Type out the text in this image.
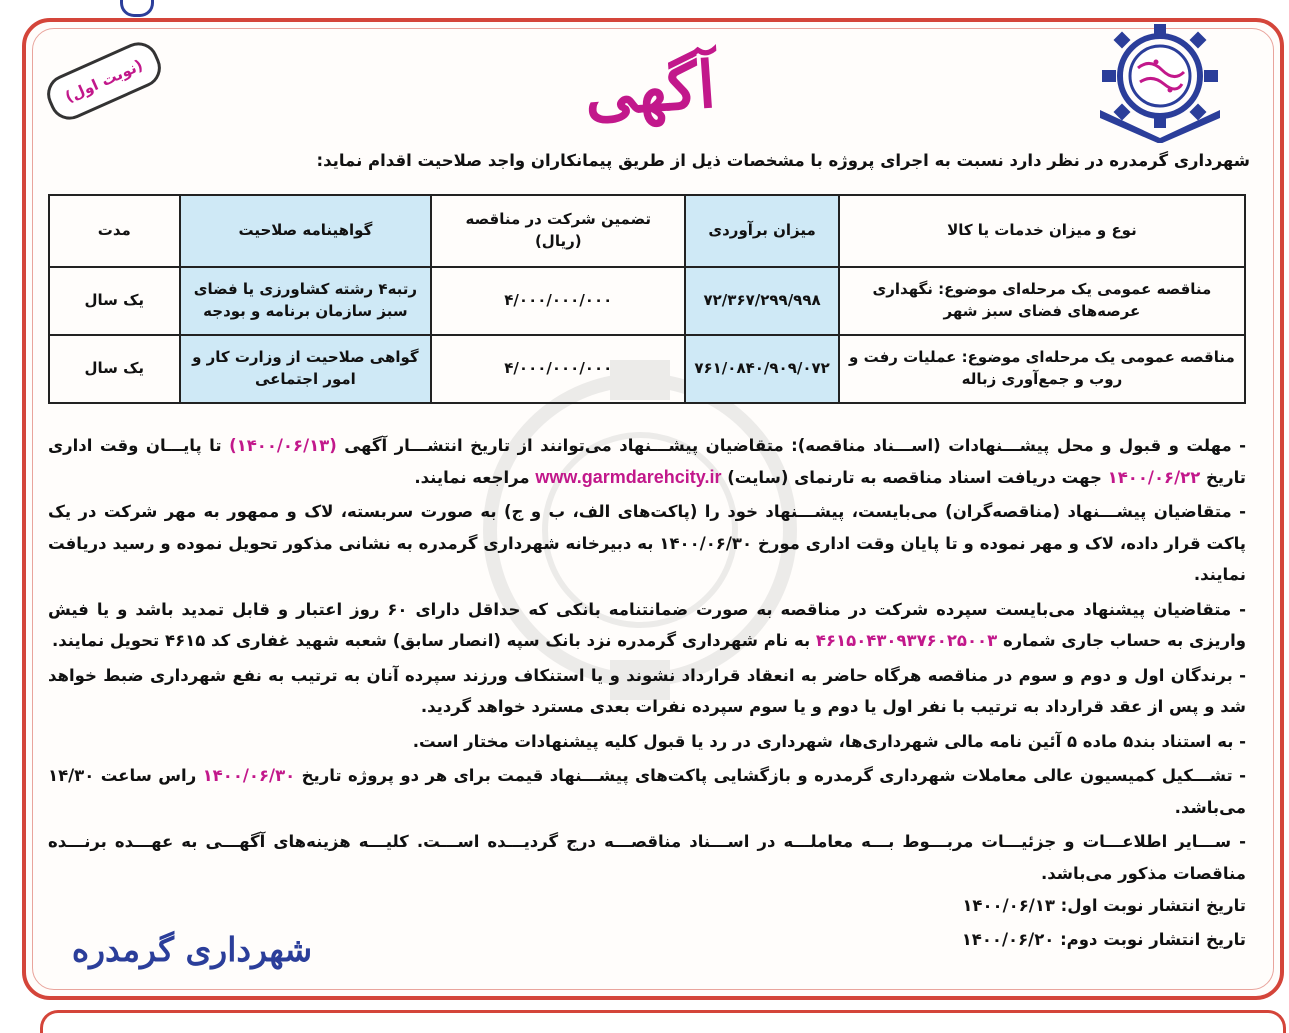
(نوبت اول)	آگهی
شهرداری گرمدره در نظر دارد نسبت به اجرای پروژه با مشخصات ذیل از طریق پیمانکاران واجد صلاحیت اقدام نماید:
نوع و میزان خدمات یا کالا	میزان برآوردی	تضمین شرکت در مناقصه (ریال)	گواهینامه صلاحیت	مدت
مناقصه عمومی یک مرحله‌ای موضوع: نگهداری عرصه‌های فضای سبز شهر	۷۲/۳۶۷/۲۹۹/۹۹۸	۴/۰۰۰/۰۰۰/۰۰۰	رتبه۴ رشته کشاورزی یا فضای سبز سازمان برنامه و بودجه	یک سال
مناقصه عمومی یک مرحله‌ای موضوع: عملیات رفت و روب و جمع‌آوری زباله	۷۶۱/۰۸۴۰/۹۰۹/۰۷۲	۴/۰۰۰/۰۰۰/۰۰۰	گواهی صلاحیت از وزارت کار و امور اجتماعی	یک سال

- مهلت و قبول و محل پیشـــنهادات (اســـناد مناقصه): متقاضیان پیشـــنهاد می‌توانند از تاریخ انتشـــار آگهی (۱۴۰۰/۰۶/۱۳) تا پایـــان وقت اداری تاریخ ۱۴۰۰/۰۶/۲۲ جهت دریافت اسناد مناقصه به تارنمای (سایت) www.garmdarehcity.ir مراجعه نمایند.

- متقاضیان پیشـــنهاد (مناقصه‌گران) می‌بایست، پیشـــنهاد خود را (پاکت‌های الف، ب و ج) به صورت سربسته، لاک و ممهور به مهر شرکت در یک پاکت قرار داده، لاک و مهر نموده و تا پایان وقت اداری مورخ ۱۴۰۰/۰۶/۳۰ به دبیرخانه شهرداری گرمدره به نشانی مذکور تحویل نموده و رسید دریافت نمایند.

- متقاضیان پیشنهاد می‌بایست سپرده شرکت در مناقصه به صورت ضمانتنامه بانکی که حداقل دارای ۶۰ روز اعتبار و قابل تمدید باشد و یا فیش واریزی به حساب جاری شماره ۴۶۱۵۰۴۳۰۹۳۷۶۰۲۵۰۰۳ به نام شهرداری گرمدره نزد بانک سپه (انصار سابق) شعبه شهید غفاری کد ۴۶۱۵ تحویل نمایند.

- برندگان اول و دوم و سوم در مناقصه هرگاه حاضر به انعقاد قرارداد نشوند و یا استنکاف ورزند سپرده آنان به ترتیب به نفع شهرداری ضبط خواهد شد و پس از عقد قرارداد به ترتیب با نفر اول یا دوم و یا سوم سپرده نفرات بعدی مسترد خواهد گردید.

- به استناد بند۵ ماده ۵ آئین نامه مالی شهرداری‌ها، شهرداری در رد یا قبول کلیه پیشنهادات مختار است.

- تشـــکیل کمیسیون عالی معاملات شهرداری گرمدره و بازگشایی پاکت‌های پیشـــنهاد قیمت برای هر دو پروژه تاریخ ۱۴۰۰/۰۶/۳۰ راس ساعت ۱۴/۳۰ می‌باشد.

- ســـایر اطلاعـــات و جزئیـــات مربـــوط بـــه معاملـــه در اســـناد مناقصـــه درج گردیـــده اســـت. کلیـــه هزینه‌های آگهـــی به عهـــده برنـــده مناقصات مذکور می‌باشد.

تاریخ انتشار نوبت اول: ۱۴۰۰/۰۶/۱۳
تاریخ انتشار نوبت دوم: ۱۴۰۰/۰۶/۲۰
شهرداری گرمدره
